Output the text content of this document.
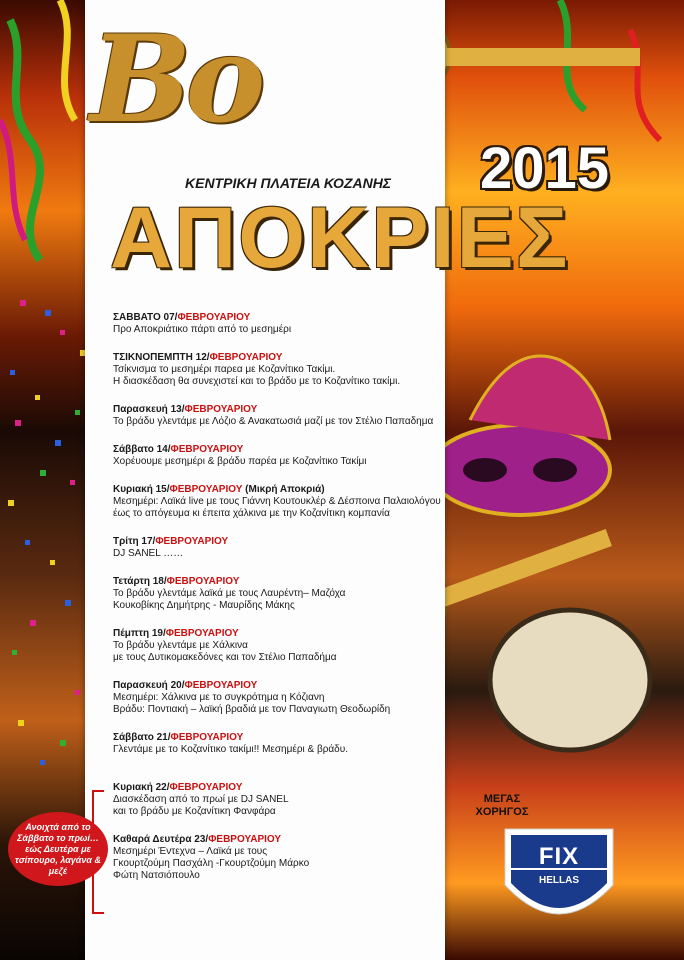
Βο
ΚΕΝΤΡΙΚΗ ΠΛΑΤΕΙΑ ΚΟΖΑΝΗΣ
ΑΠΟΚΡΙΕΣ
2015
ΣΑΒΒΑΤΟ 07/ΦΕΒΡΟΥΑΡΙΟΥ
Προ Αποκριάτικο πάρτι από το μεσημέρι
ΤΣΙΚΝΟΠΕΜΠΤΗ 12/ΦΕΒΡΟΥΑΡΙΟΥ
Τσίκνισμα το μεσημέρι παρεα με Κοζανίτικο Τακίμι.
Η διασκέδαση θα συνεχιστεί και το βράδυ με το Κοζανίτικο τακίμι.
Παρασκευή 13/ΦΕΒΡΟΥΑΡΙΟΥ
Το βράδυ γλεντάμε με Λόζιο & Ανακατωσιά μαζί με τον Στέλιο Παπαδημα
Σάββατο 14/ΦΕΒΡΟΥΑΡΙΟΥ
Χορέυουμε μεσημέρι & βράδυ παρέα με Κοζανίτικο Τακίμι
Κυριακή 15/ΦΕΒΡΟΥΑΡΙΟΥ (Μικρή Αποκριά)
Μεσημέρι: Λαϊκά live με τους Γιάννη Κουτουκλέρ & Δέσποινα Παλαιολόγου
έως το απόγευμα κι έπειτα χάλκινα με την Κοζανίτικη κομπανία
Τρίτη 17/ΦΕΒΡΟΥΑΡΙΟΥ
DJ SANEL ……
Τετάρτη 18/ΦΕΒΡΟΥΑΡΙΟΥ
Το βράδυ γλεντάμε λαϊκά με τους Λαυρέντη– Μαζόχα
Κουκοβίκης Δημήτρης - Μαυρίδης Μάκης
Πέμπτη 19/ΦΕΒΡΟΥΑΡΙΟΥ
Το βράδυ γλεντάμε με Χάλκινα
με τους Δυτικομακεδόνες και τον Στέλιο Παπαδήμα
Παρασκευή 20/ΦΕΒΡΟΥΑΡΙΟΥ
Μεσημέρι: Χάλκινα με το συγκρότημα η Κόζιανη
Βράδυ: Ποντιακή – λαϊκή βραδιά με τον Παναγιωτη Θεοδωρίδη
Σάββατο 21/ΦΕΒΡΟΥΑΡΙΟΥ
Γλεντάμε με το Κοζανίτικο τακίμι!! Μεσημέρι & βράδυ.
Κυριακή 22/ΦΕΒΡΟΥΑΡΙΟΥ
Διασκέδαση από το πρωί με DJ SANEL
και το βράδυ με Κοζανίτικη Φανφάρα
Καθαρά Δευτέρα 23/ΦΕΒΡΟΥΑΡΙΟΥ
Μεσημέρι Έντεχνα – Λαϊκά με τους
Γκουρτζούμη Πασχάλη -Γκουρτζούμη Μάρκο
Φώτη Νατσιόπουλο
Ανοιχτά από το Σάββατο το πρωί… εώς Δευτέρα με τσίπουρο, λαγάνα & μεζέ
ΜΕΓΑΣ
ΧΟΡΗΓΟΣ
FIX
HELLAS
